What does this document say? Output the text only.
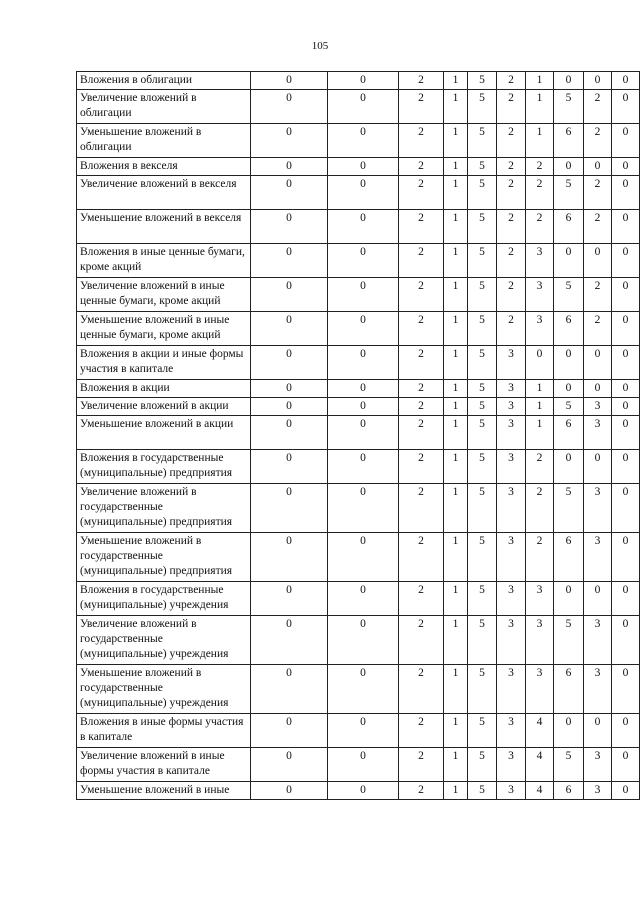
105
Вложения в облигации	0	0	2	1	5	2	1	0	0	0
Увеличение вложений в облигации	0	0	2	1	5	2	1	5	2	0
Уменьшение вложений в облигации	0	0	2	1	5	2	1	6	2	0
Вложения в векселя	0	0	2	1	5	2	2	0	0	0
Увеличение вложений в векселя	0	0	2	1	5	2	2	5	2	0
Уменьшение вложений в векселя	0	0	2	1	5	2	2	6	2	0
Вложения в иные ценные бумаги, кроме акций	0	0	2	1	5	2	3	0	0	0
Увеличение вложений в иные ценные бумаги, кроме акций	0	0	2	1	5	2	3	5	2	0
Уменьшение вложений в иные ценные бумаги, кроме акций	0	0	2	1	5	2	3	6	2	0
Вложения в акции и иные формы участия в капитале	0	0	2	1	5	3	0	0	0	0
Вложения в акции	0	0	2	1	5	3	1	0	0	0
Увеличение вложений в акции	0	0	2	1	5	3	1	5	3	0
Уменьшение вложений в акции	0	0	2	1	5	3	1	6	3	0
Вложения в государственные (муниципальные) предприятия	0	0	2	1	5	3	2	0	0	0
Увеличение вложений в государственные (муниципальные) предприятия	0	0	2	1	5	3	2	5	3	0
Уменьшение вложений в государственные (муниципальные) предприятия	0	0	2	1	5	3	2	6	3	0
Вложения в государственные (муниципальные) учреждения	0	0	2	1	5	3	3	0	0	0
Увеличение вложений в государственные (муниципальные) учреждения	0	0	2	1	5	3	3	5	3	0
Уменьшение вложений в государственные (муниципальные) учреждения	0	0	2	1	5	3	3	6	3	0
Вложения в иные формы участия в капитале	0	0	2	1	5	3	4	0	0	0
Увеличение вложений в иные формы участия в капитале	0	0	2	1	5	3	4	5	3	0
Уменьшение вложений в иные	0	0	2	1	5	3	4	6	3	0
